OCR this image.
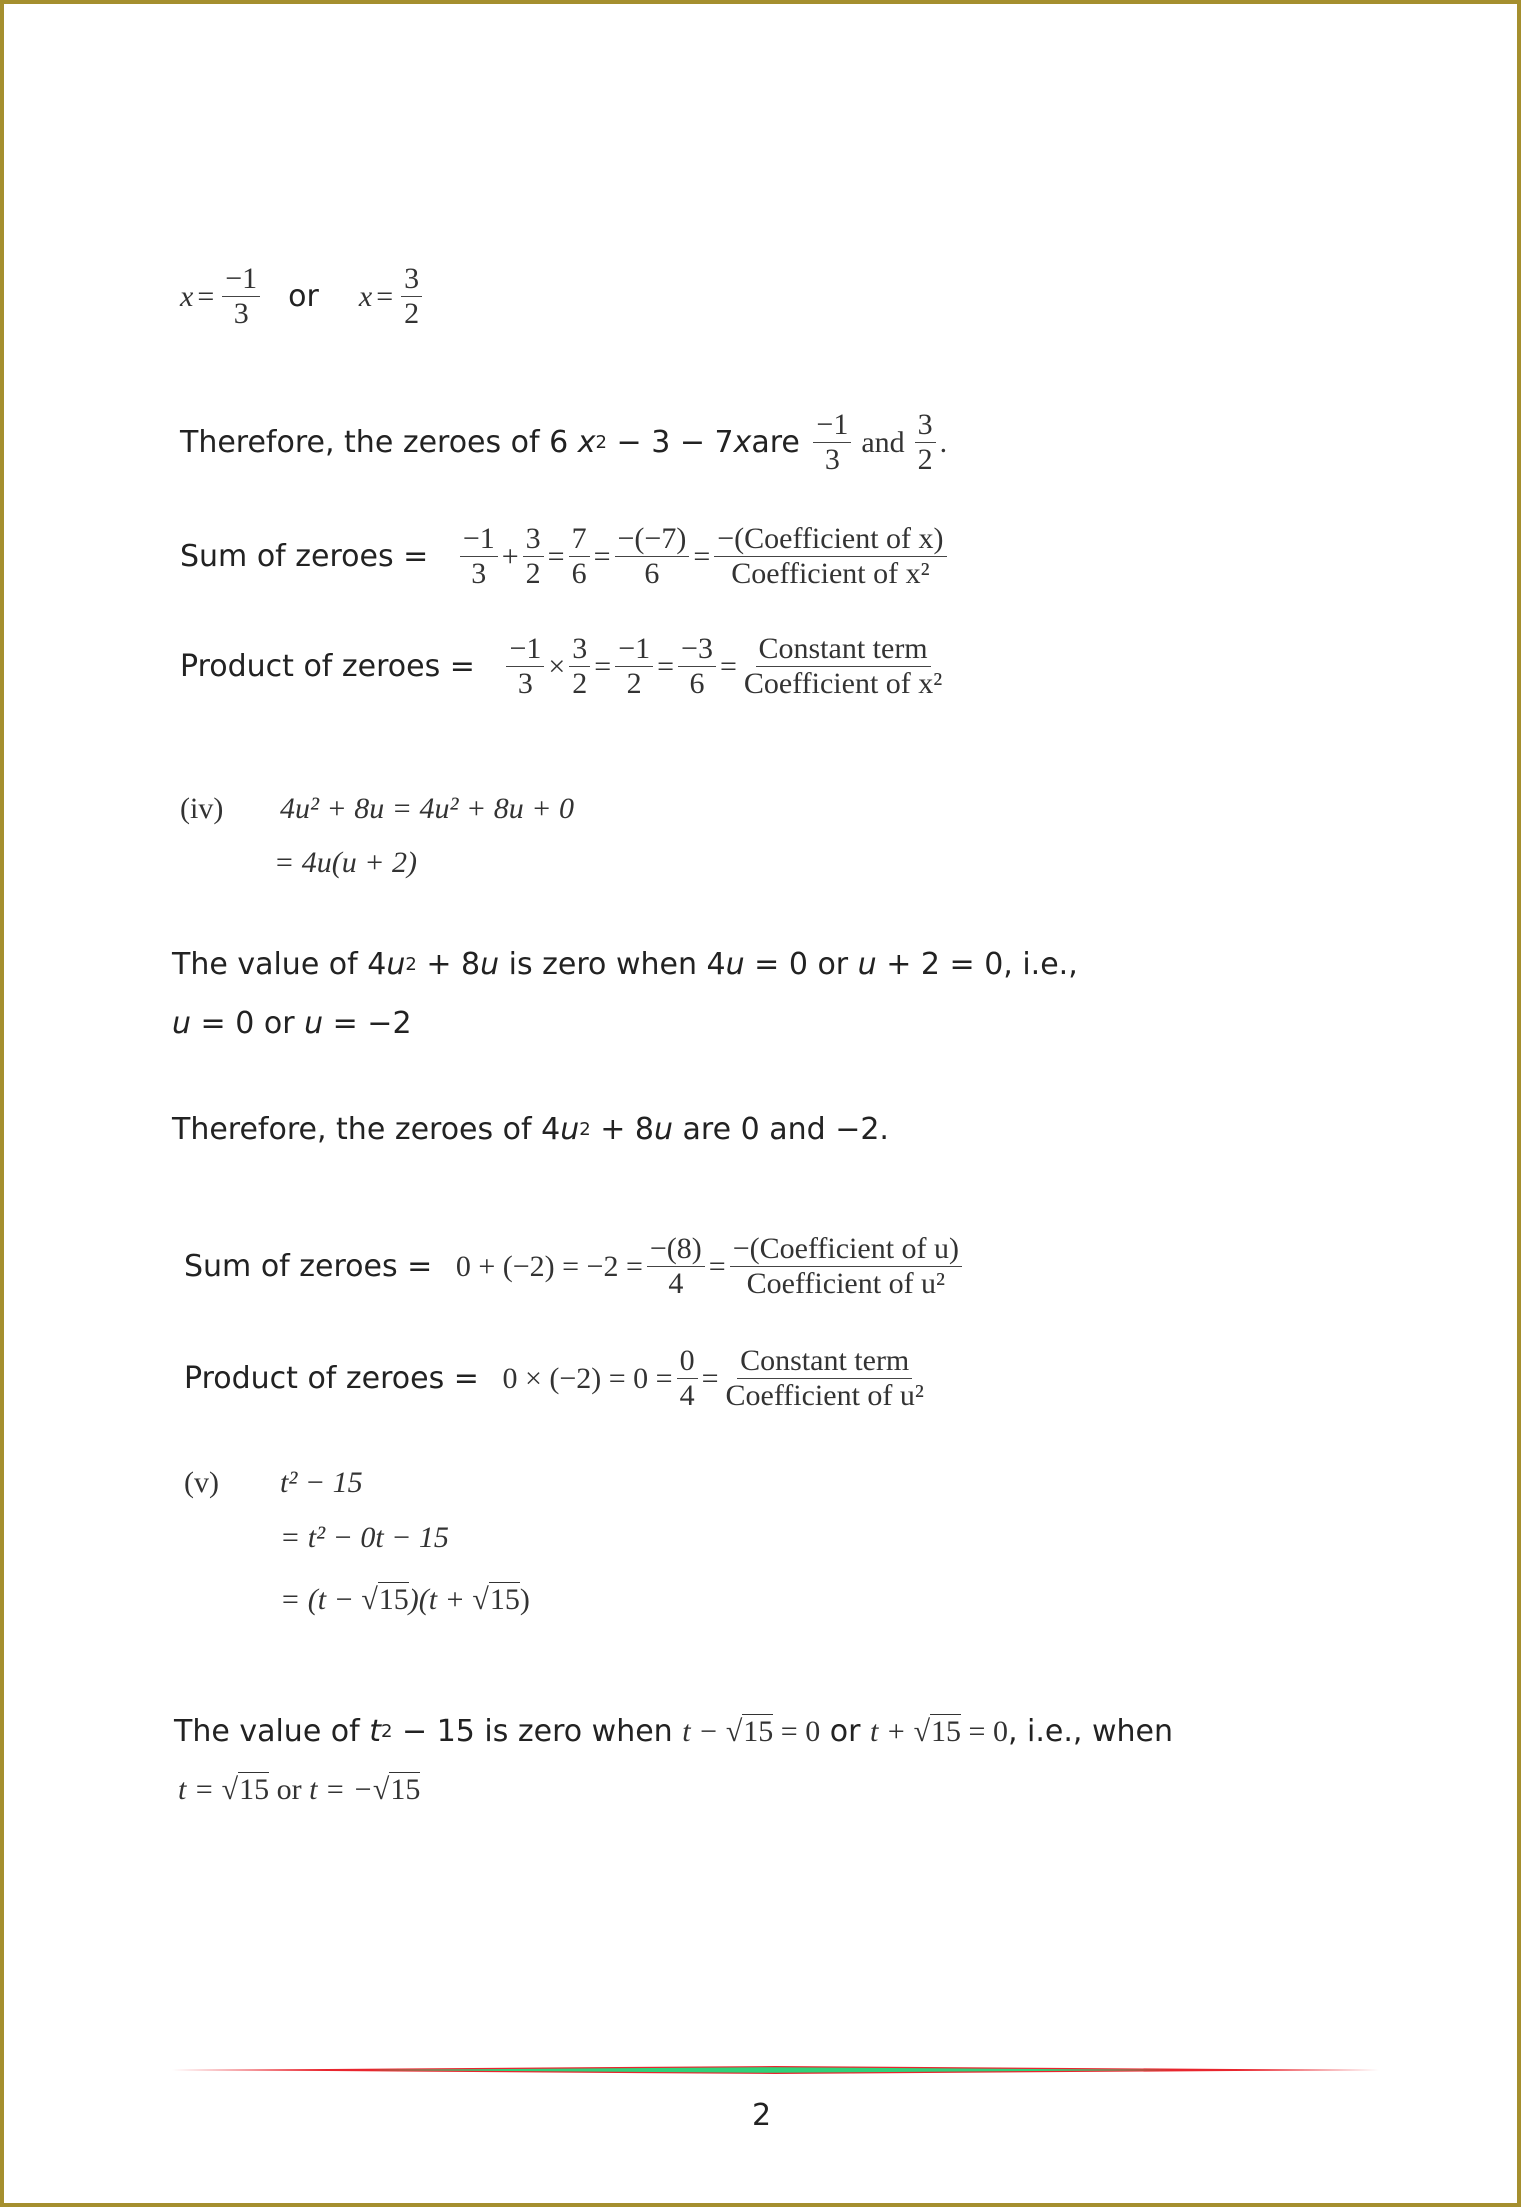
$x = \frac{-1}{3}$ or $x = \frac{3}{2}$
Therefore, the zeroes of 6
x 2 − 3 − 7 x are
$\frac{-1}{3}$ and $\frac{3}{2}$ .
Sum of zeroes = $\frac{-1}{3} + \frac{3}{2} = \frac{7}{6} = \frac{-(-7)}{6} = \frac{\text{−(Coefficient of x)}}{\text{Coefficient of x²}}$
Product of zeroes = $\frac{-1}{3} \times \frac{3}{2} = \frac{-1}{2} = \frac{-3}{6} = \frac{\text{Constant term}}{\text{Coefficient of x²}}$
(iv)	4u² + 8u = 4u² + 8u + 0
= 4u(u + 2)
The value of 4 u 2 + 8 u is zero when 4 u = 0 or u + 2 = 0, i.e.,
u = 0 or u = −2
Therefore, the zeroes of 4 u 2 + 8 u are 0 and −2.
Sum of zeroes = $0 + (-2) = -2 = \frac{-(8)}{4} = \frac{\text{−(Coefficient of u)}}{\text{Coefficient of u²}}$
Product of zeroes = $0 \times (-2) = 0 = \frac{0}{4} = \frac{\text{Constant term}}{\text{Coefficient of u²}}$
(v)	t² − 15
= t² − 0t − 15
= (t − √ 15 )(t + √ 15 )
The value of t 2 − 15 is zero when t − √15 = 0 or t + √15 = 0 , i.e., when
t = √ 15 or t = − √ 15
2
